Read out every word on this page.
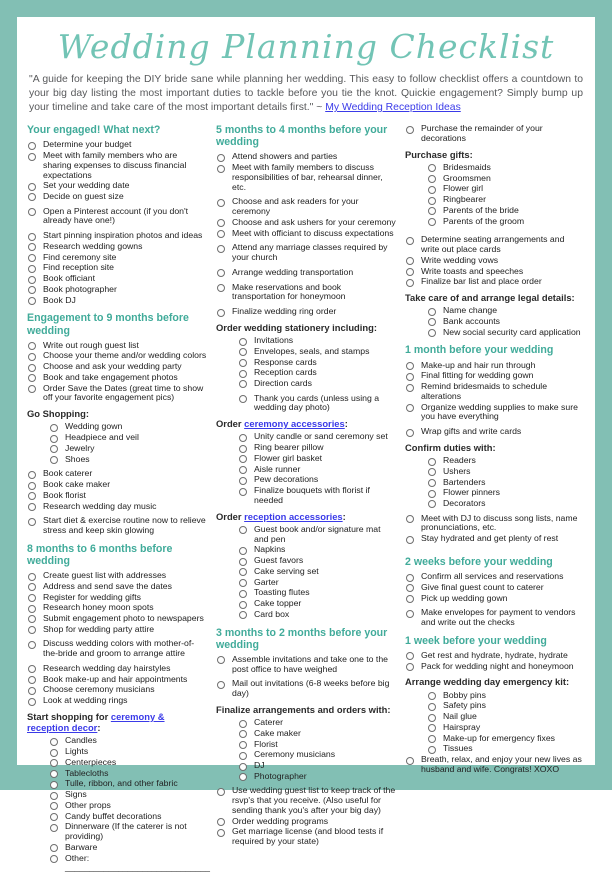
Wedding Planning Checklist
"A guide for keeping the DIY bride sane while planning her wedding. This easy to follow checklist offers a countdown to your big day listing the most important duties to tackle before you tie the knot. Quickie engagement? Simply bump up your timeline and take care of the most important details first." ~ My Wedding Reception Ideas
Your engaged! What next?
Determine your budget
Meet with family members who are sharing expenses to discuss financial expectations
Set your wedding date
Decide on guest size
Open a Pinterest account (if you don't already have one!)
Start pinning inspiration photos and ideas
Research wedding gowns
Find ceremony site
Find reception site
Book officiant
Book photographer
Book DJ
Engagement to 9 months before wedding
Write out rough guest list
Choose your theme and/or wedding colors
Choose and ask your wedding party
Book and take engagement photos
Order Save the Dates (great time to show off your favorite engagement pics)
Go Shopping:
Wedding gown
Headpiece and veil
Jewelry
Shoes
Book caterer
Book cake maker
Book florist
Research wedding day music
Start diet & exercise routine now to relieve stress and keep skin glowing
8 months to 6 months before wedding
Create guest list with addresses
Address and send save the dates
Register for wedding gifts
Research honey moon spots
Submit engagement photo to newspapers
Shop for wedding party attire
Discuss wedding colors with mother-of-the-bride and groom to arrange attire
Research wedding day hairstyles
Book make-up and hair appointments
Choose ceremony musicians
Look at wedding rings
Start shopping for ceremony & reception decor:
Candles
Lights
Centerpieces
Tablecloths
Tulle, ribbon, and other fabric
Signs
Other props
Candy buffet decorations
Dinnerware (If the caterer is not providing)
Barware
Other: ______________________________
5 months to 4 months before your wedding
Attend showers and parties
Meet with family members to discuss responsibilities of bar, rehearsal dinner, etc.
Choose and ask readers for your ceremony
Choose and ask ushers for your ceremony
Meet with officiant to discuss expectations
Attend any marriage classes required by your church
Arrange wedding transportation
Make reservations and book transportation for honeymoon
Finalize wedding ring order
Order wedding stationery including:
Invitations
Envelopes, seals, and stamps
Response cards
Reception cards
Direction cards
Thank you cards (unless using a wedding day photo)
Order ceremony accessories:
Unity candle or sand ceremony set
Ring bearer pillow
Flower girl basket
Aisle runner
Pew decorations
Finalize bouquets with florist if needed
Order reception accessories:
Guest book and/or signature mat and pen
Napkins
Guest favors
Cake serving set
Garter
Toasting flutes
Cake topper
Card box
3 months to 2 months before your wedding
Assemble invitations and take one to the post office to have weighed
Mail out invitations (6-8 weeks before big day)
Finalize arrangements and orders with:
Caterer
Cake maker
Florist
Ceremony musicians
DJ
Photographer
Use wedding guest list to keep track of the rsvp's that you receive. (Also useful for sending thank you's after your big day)
Order wedding programs
Get marriage license (and blood tests if required by your state)
Purchase the remainder of your decorations
Purchase gifts:
Bridesmaids
Groomsmen
Flower girl
Ringbearer
Parents of the bride
Parents of the groom
Determine seating arrangements and write out place cards
Write wedding vows
Write toasts and speeches
Finalize bar list and place order
Take care of and arrange legal details:
Name change
Bank accounts
New social security card application
1 month before your wedding
Make-up and hair run through
Final fitting for wedding gown
Remind bridesmaids to schedule alterations
Organize wedding supplies to make sure you have everything
Wrap gifts and write cards
Confirm duties with:
Readers
Ushers
Bartenders
Flower pinners
Decorators
Meet with DJ to discuss song lists, name pronunciations, etc.
Stay hydrated and get plenty of rest
2 weeks before your wedding
Confirm all services and reservations
Give final guest count to caterer
Pick up wedding gown
Make envelopes for payment to vendors and write out the checks
1 week before your wedding
Get rest and hydrate, hydrate, hydrate
Pack for wedding night and honeymoon
Arrange wedding day emergency kit:
Bobby pins
Safety pins
Nail glue
Hairspray
Make-up for emergency fixes
Tissues
Breath, relax, and enjoy your new lives as husband and wife. Congrats! XOXO
